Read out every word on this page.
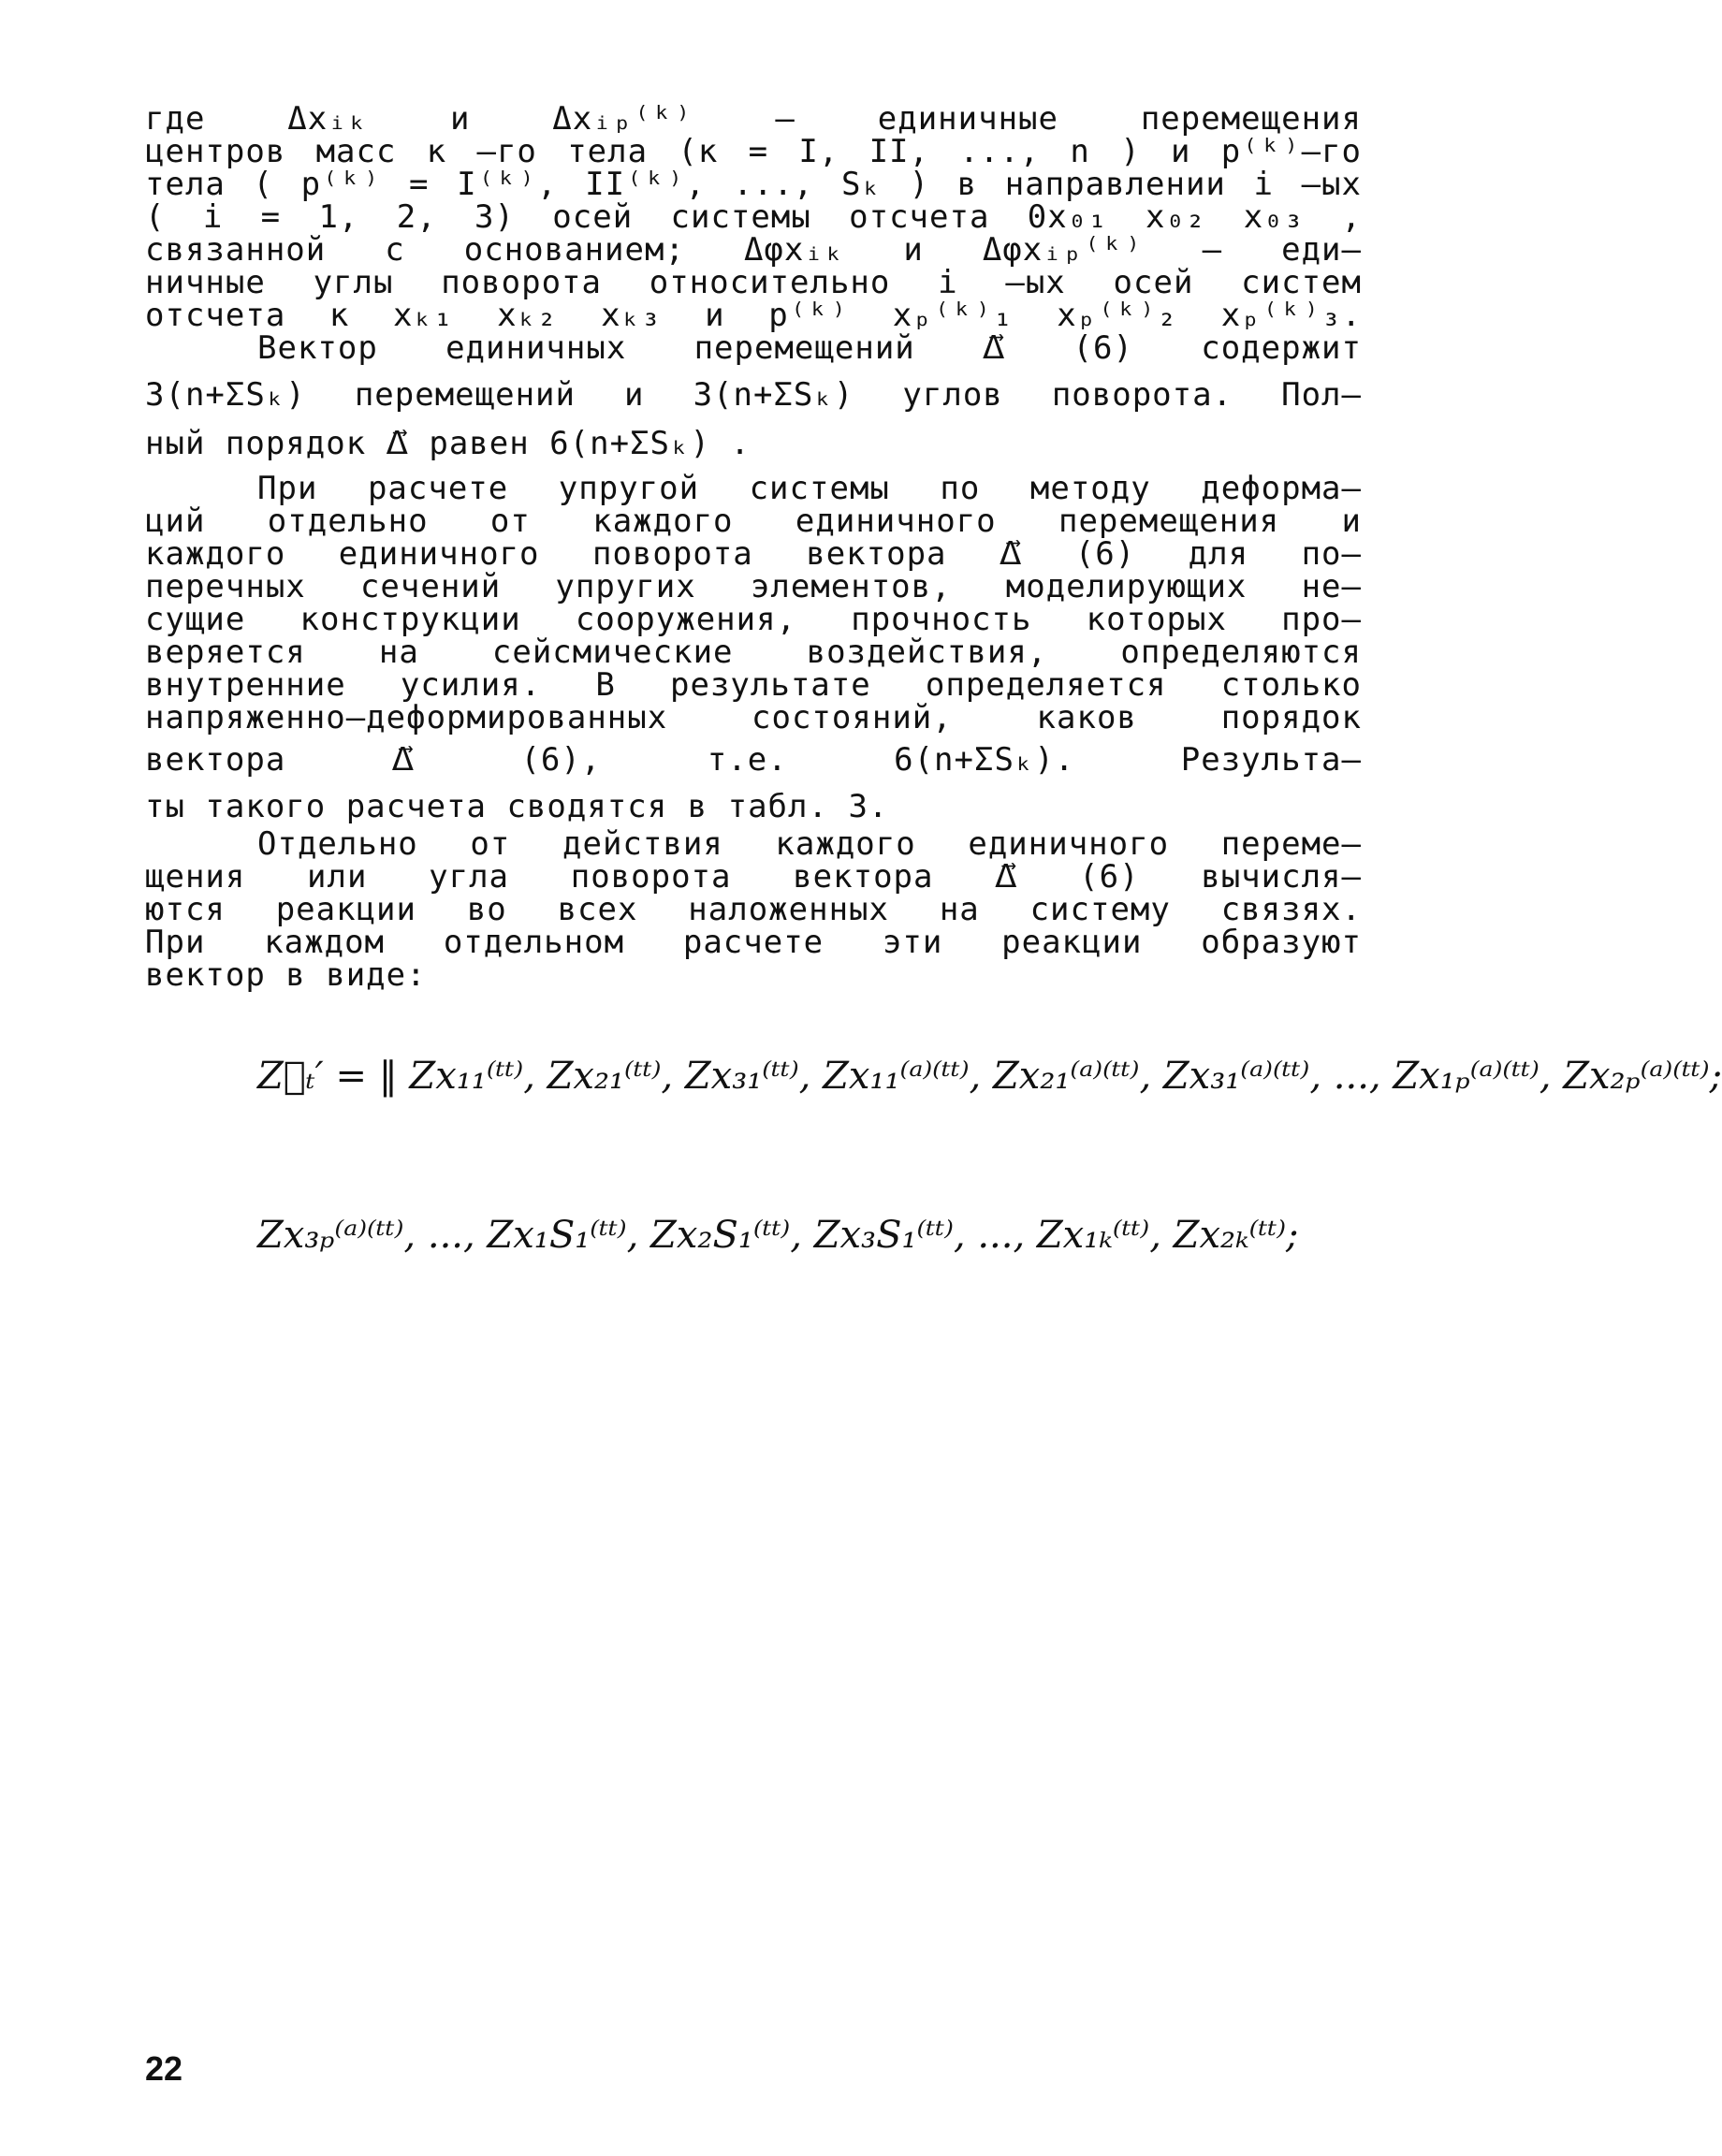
где Δxᵢₖ и Δxᵢₚ⁽ᵏ⁾ – единичные перемещения
центров масс к –го тела (к = I, II, ..., n ) и p⁽ᵏ⁾–го
тела ( p⁽ᵏ⁾ = I⁽ᵏ⁾, II⁽ᵏ⁾, ..., Sₖ ) в направлении i –ых
( i = 1, 2, 3) осей системы отсчета 0x₀₁ x₀₂ x₀₃ ,
связанной с основанием; Δφxᵢₖ и Δφxᵢₚ⁽ᵏ⁾ – еди–
ничные углы поворота относительно i –ых осей систем
отсчета к xₖ₁ xₖ₂ xₖ₃ и p⁽ᵏ⁾ xₚ⁽ᵏ⁾₁ xₚ⁽ᵏ⁾₂ xₚ⁽ᵏ⁾₃.
Вектор единичных перемещений Δ⃗ (6) содержит
3(n+ΣSₖ) перемещений и 3(n+ΣSₖ) углов поворота. Пол–
ный порядок Δ⃗ равен 6(n+ΣSₖ) .
При расчете упругой системы по методу деформа–
ций отдельно от каждого единичного перемещения и
каждого единичного поворота вектора Δ⃗ (6) для по–
перечных сечений упругих элементов, моделирующих не–
сущие конструкции сооружения, прочность которых про–
веряется на сейсмические воздействия, определяются
внутренние усилия. В результате определяется столько
напряженно–деформированных состояний, каков порядок
вектора Δ⃗ (6), т.е. 6(n+ΣSₖ). Результа–
ты такого расчета сводятся в табл. 3.
Отдельно от действия каждого единичного переме–
щения или угла поворота вектора Δ⃗ (6) вычисля–
ются реакции во всех наложенных на систему связях.
При каждом отдельном расчете эти реакции образуют
вектор в виде:
Z⃗ₜ′ = ‖ Zx₁₁⁽ᵗᵗ⁾, Zx₂₁⁽ᵗᵗ⁾, Zx₃₁⁽ᵗᵗ⁾, Zx₁₁⁽ᵃ⁾⁽ᵗᵗ⁾, Zx₂₁⁽ᵃ⁾⁽ᵗᵗ⁾, Zx₃₁⁽ᵃ⁾⁽ᵗᵗ⁾, ..., Zx₁ₚ⁽ᵃ⁾⁽ᵗᵗ⁾, Zx₂ₚ⁽ᵃ⁾⁽ᵗᵗ⁾;
Zx₃ₚ⁽ᵃ⁾⁽ᵗᵗ⁾, ..., Zx₁S₁⁽ᵗᵗ⁾, Zx₂S₁⁽ᵗᵗ⁾, Zx₃S₁⁽ᵗᵗ⁾, ..., Zx₁ₖ⁽ᵗᵗ⁾, Zx₂ₖ⁽ᵗᵗ⁾;
22
